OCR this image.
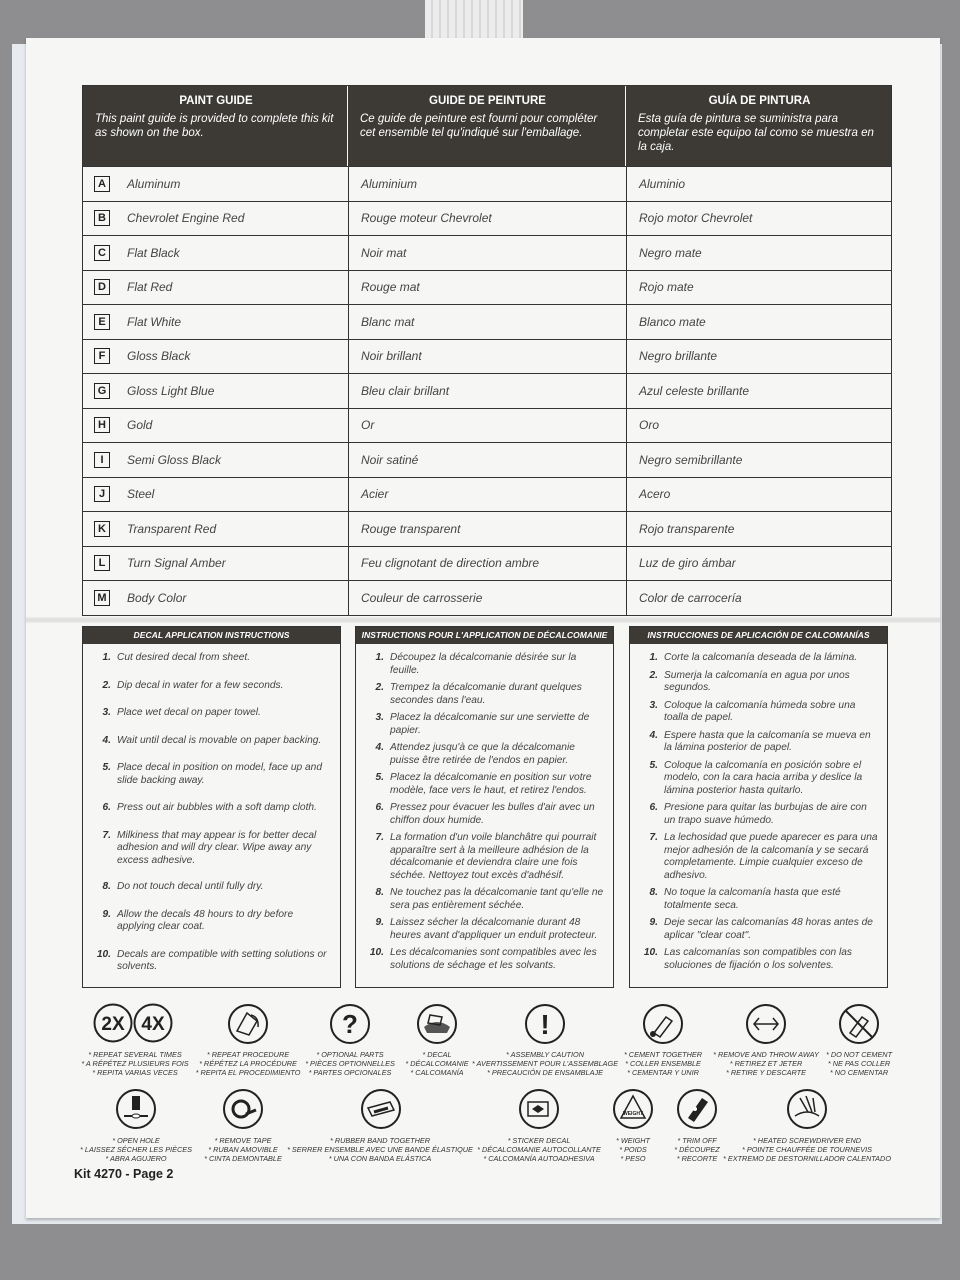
PAINT GUIDE
This paint guide is provided to complete this kit as shown on the box.
GUIDE DE PEINTURE
Ce guide de peinture est fourni pour compléter cet ensemble tel qu'indiqué sur l'emballage.
GUÍA DE PINTURA
Esta guía de pintura se suministra para completar este equipo tal como se muestra en la caja.
A	Aluminum	Aluminium	Aluminio
B	Chevrolet Engine Red	Rouge moteur Chevrolet	Rojo motor Chevrolet
C	Flat Black	Noir mat	Negro mate
D	Flat Red	Rouge mat	Rojo mate
E	Flat White	Blanc mat	Blanco mate
F	Gloss Black	Noir brillant	Negro brillante
G	Gloss Light Blue	Bleu clair brillant	Azul celeste brillante
H	Gold	Or	Oro
I	Semi Gloss Black	Noir satiné	Negro semibrillante
J	Steel	Acier	Acero
K	Transparent Red	Rouge transparent	Rojo transparente
L	Turn Signal Amber	Feu clignotant de direction ambre	Luz de giro ámbar
M Body Color	Couleur de carrosserie	Color de carrocería
DECAL APPLICATION INSTRUCTIONS
1. Cut desired decal from sheet.
2. Dip decal in water for a few seconds.
3. Place wet decal on paper towel.
4. Wait until decal is movable on paper backing.
5. Place decal in position on model, face up and slide backing away.
6. Press out air bubbles with a soft damp cloth.
7. Milkiness that may appear is for better decal adhesion and will dry clear. Wipe away any excess adhesive.
8. Do not touch decal until fully dry.
9. Allow the decals 48 hours to dry before applying clear coat.
10. Decals are compatible with setting solutions or solvents.
INSTRUCTIONS POUR L'APPLICATION DE DÉCALCOMANIE
1. Découpez la décalcomanie désirée sur la feuille.
2. Trempez la décalcomanie durant quelques secondes dans l'eau.
3. Placez la décalcomanie sur une serviette de papier.
4. Attendez jusqu'à ce que la décalcomanie puisse être retirée de l'endos en papier.
5. Placez la décalcomanie en position sur votre modèle, face vers le haut, et retirez l'endos.
6. Pressez pour évacuer les bulles d'air avec un chiffon doux humide.
7. La formation d'un voile blanchâtre qui pourrait apparaître sert à la meilleure adhésion de la décalcomanie et deviendra claire une fois séchée. Nettoyez tout excès d'adhésif.
8. Ne touchez pas la décalcomanie tant qu'elle ne sera pas entièrement séchée.
9. Laissez sécher la décalcomanie durant 48 heures avant d'appliquer un enduit protecteur.
10. Les décalcomanies sont compatibles avec les solutions de séchage et les solvants.
INSTRUCCIONES DE APLICACIÓN DE CALCOMANÍAS
1. Corte la calcomanía deseada de la lámina.
2. Sumerja la calcomanía en agua por unos segundos.
3. Coloque la calcomanía húmeda sobre una toalla de papel.
4. Espere hasta que la calcomanía se mueva en la lámina posterior de papel.
5. Coloque la calcomanía en posición sobre el modelo, con la cara hacia arriba y deslice la lámina posterior hasta quitarlo.
6. Presione para quitar las burbujas de aire con un trapo suave húmedo.
7. La lechosidad que puede aparecer es para una mejor adhesión de la calcomanía y se secará completamente. Limpie cualquier exceso de adhesivo.
8. No toque la calcomanía hasta que esté totalmente seca.
9. Deje secar las calcomanías 48 horas antes de aplicar "clear coat".
10. Las calcomanías son compatibles con las soluciones de fijación o los solventes.
2X 4X	?	!
WEIGHT
* REPEAT SEVERAL TIMES
* A RÉPÉTEZ PLUSIEURS FOIS
* REPITA VARIAS VECES
* REPEAT PROCEDURE
* RÉPÉTEZ LA PROCÉDURE
* REPITA EL PROCEDIMIENTO
* OPTIONAL PARTS
* PIÈCES OPTIONNELLES
* PARTES OPCIONALES
* DECAL
* DÉCALCOMANIE
* CALCOMANÍA
* ASSEMBLY CAUTION
* AVERTISSEMENT POUR L'ASSEMBLAGE
* PRECAUCIÓN DE ENSAMBLAJE
* CEMENT TOGETHER
* COLLER ENSEMBLE
* CEMENTAR Y UNIR
* REMOVE AND THROW AWAY
* RETIREZ ET JETER
* RETIRE Y DESCARTE
* DO NOT CEMENT
* NE PAS COLLER
* NO CEMENTAR
* OPEN HOLE
* LAISSEZ SÉCHER LES PIÈCES
* ABRA AGUJERO
* REMOVE TAPE
* RUBAN AMOVIBLE
* CINTA DEMONTABLE
* RUBBER BAND TOGETHER
* SERRER ENSEMBLE AVEC UNE BANDE ÉLASTIQUE
* UNA CON BANDA ELÁSTICA
* STICKER DECAL
* DÉCALCOMANIE AUTOCOLLANTE
* CALCOMANÍA AUTOADHESIVA
* WEIGHT
* POIDS
* PESO
* TRIM OFF
* DÉCOUPEZ
* RECORTE
* HEATED SCREWDRIVER END
* POINTE CHAUFFÉE DE TOURNEVIS
* EXTREMO DE DESTORNILLADOR CALENTADO
Kit 4270 - Page 2
